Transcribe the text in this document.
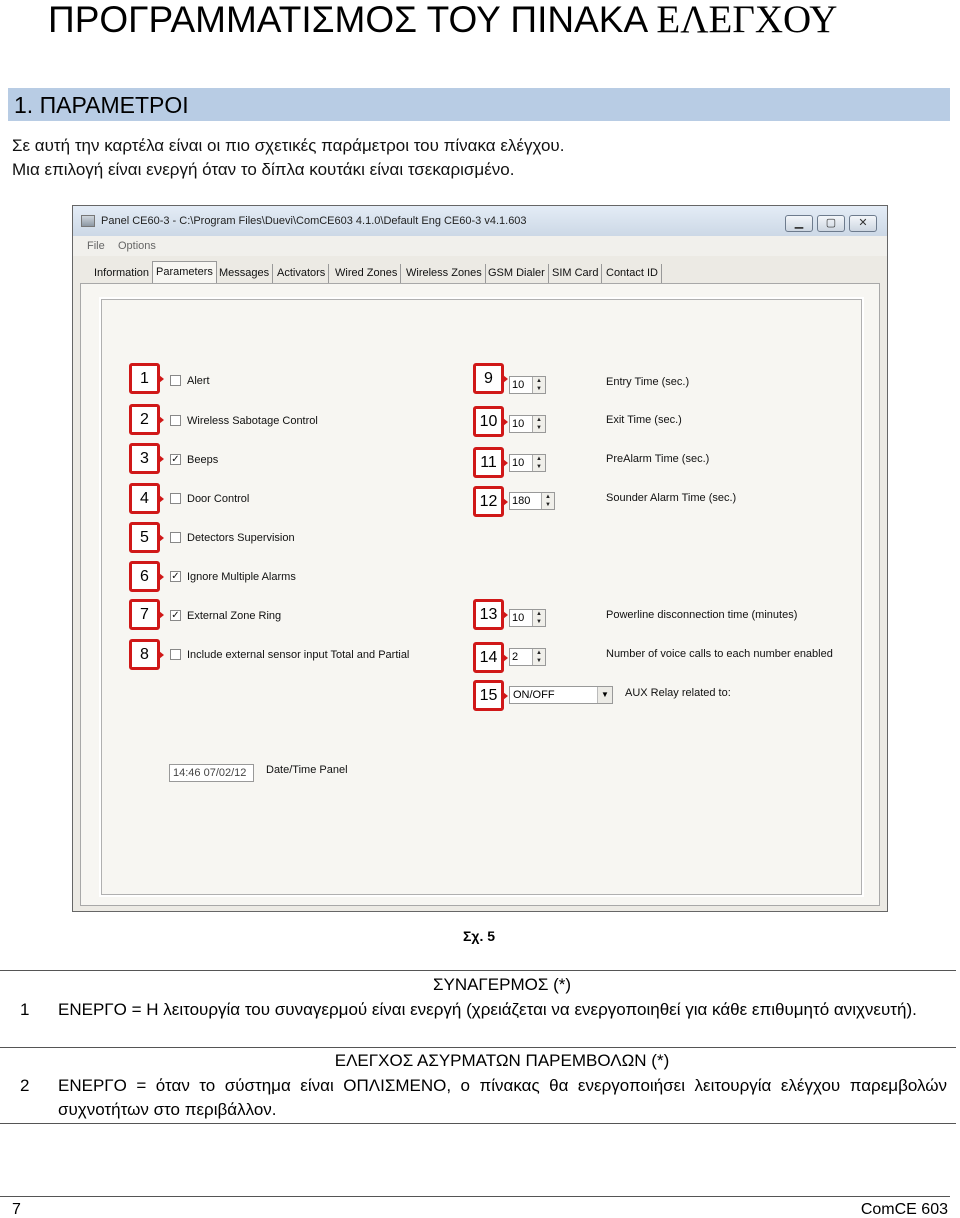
ΠΡΟΓΡΑΜΜΑΤΙΣΜΟΣ ΤΟΥ ΠΙΝΑΚΑ ΕΛΕΓΧΟΥ
1. ΠΑΡΑΜΕΤΡΟΙ
Σε αυτή την καρτέλα είναι οι πιο σχετικές παράμετροι του πίνακα ελέγχου.
Μια επιλογή είναι ενεργή όταν το δίπλα κουτάκι είναι τσεκαρισμένο.
Panel CE60-3 - C:\Program Files\Duevi\ComCE603 4.1.0\Default Eng CE60-3 v4.1.603	▁	▢	✕
File Options
Information Parameters Messages Activators Wired Zones Wireless Zones GSM Dialer SIM Card Contact ID
1	Alert
2	Wireless Sabotage Control
3	✓ Beeps
4	Door Control
5	Detectors Supervision
6	✓ Ignore Multiple Alarms
7	✓ External Zone Ring
8	Include external sensor input Total and Partial
9	10	▲
▼
Entry Time (sec.)
10	10	▲
▼
Exit Time (sec.)
11	10	▲
▼
PreAlarm Time (sec.)
12	180	▲
▼
Sounder Alarm Time (sec.)
13	10	▲
▼
Powerline disconnection time (minutes)
14	2	▲
▼
Number of voice calls to each number enabled
15	ON/OFF	▼ AUX Relay related to:
14:46 07/02/12	Date/Time Panel
Σχ. 5
ΣΥΝΑΓΕΡΜΟΣ (*)
1 ΕΝΕΡΓΟ = Η λειτουργία του συναγερμού είναι ενεργή (χρειάζεται να ενεργοποιηθεί για κάθε επιθυμητό ανιχνευτή).
ΕΛΕΓΧΟΣ ΑΣΥΡΜΑΤΩΝ ΠΑΡΕΜΒΟΛΩΝ (*)
2 ΕΝΕΡΓΟ = όταν το σύστημα είναι ΟΠΛΙΣΜΕΝΟ, ο πίνακας θα ενεργοποιήσει λειτουργία ελέγχου παρεμβολών συχνοτήτων στο περιβάλλον.
7	ComCE 603
